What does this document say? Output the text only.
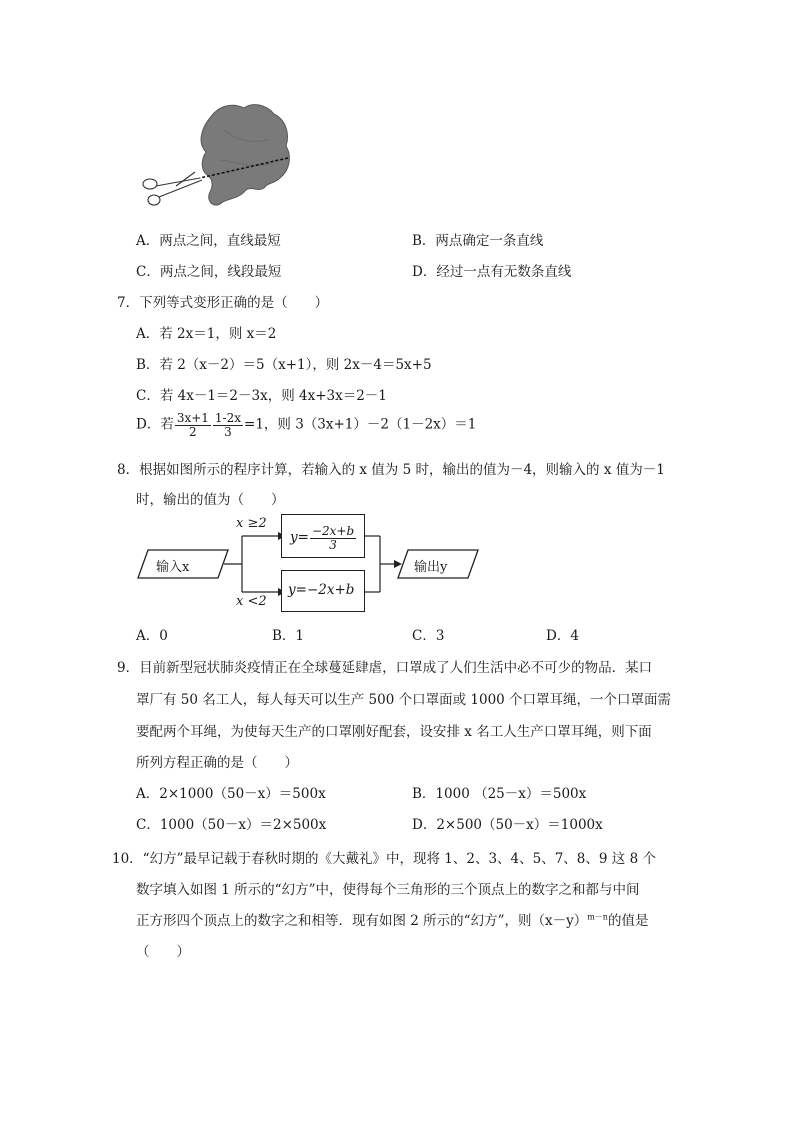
A．两点之间，直线最短	B．两点确定一条直线
C．两点之间，线段最短	D．经过一点有无数条直线
7．下列等式变形正确的是（　　）
A．若 2x＝1，则 x＝2
B．若 2（x－2）＝5（x+1），则 2x－4＝5x+5
C．若 4x－1＝2－3x，则 4x+3x＝2－1
D．若 $\frac{3x+1}{2} \frac{1-2x}{3} =1$，则 3（3x+1）－2（1－2x）＝1
8．根据如图所示的程序计算，若输入的 x 值为 5 时，输出的值为－4，则输入的 x 值为－1
时，输出的值为（　　）
输入x	输出y
x ≥2
x <2
$y= \frac{-2x+b}{3}$
y=−2x+b
A．0	B．1	C．3	D．4
9．目前新型冠状肺炎疫情正在全球蔓延肆虐，口罩成了人们生活中必不可少的物品．某口
罩厂有 50 名工人，每人每天可以生产 500 个口罩面或 1000 个口罩耳绳，一个口罩面需
要配两个耳绳，为使每天生产的口罩刚好配套，设安排 x 名工人生产口罩耳绳，则下面
所列方程正确的是（　　）
A．2×1000（50－x）＝500x	B．1000 （25－x）＝500x
C．1000（50－x）＝2×500x	D．2×500（50－x）＝1000x
10．“幻方”最早记载于春秋时期的《大戴礼》中，现将 1、2、3、4、5、7、8、9 这 8 个
数字填入如图 1 所示的“幻方”中，使得每个三角形的三个顶点上的数字之和都与中间
正方形四个顶点上的数字之和相等．现有如图 2 所示的“幻方”，则$(x-y)^{m-n}$的值是
（　　）
